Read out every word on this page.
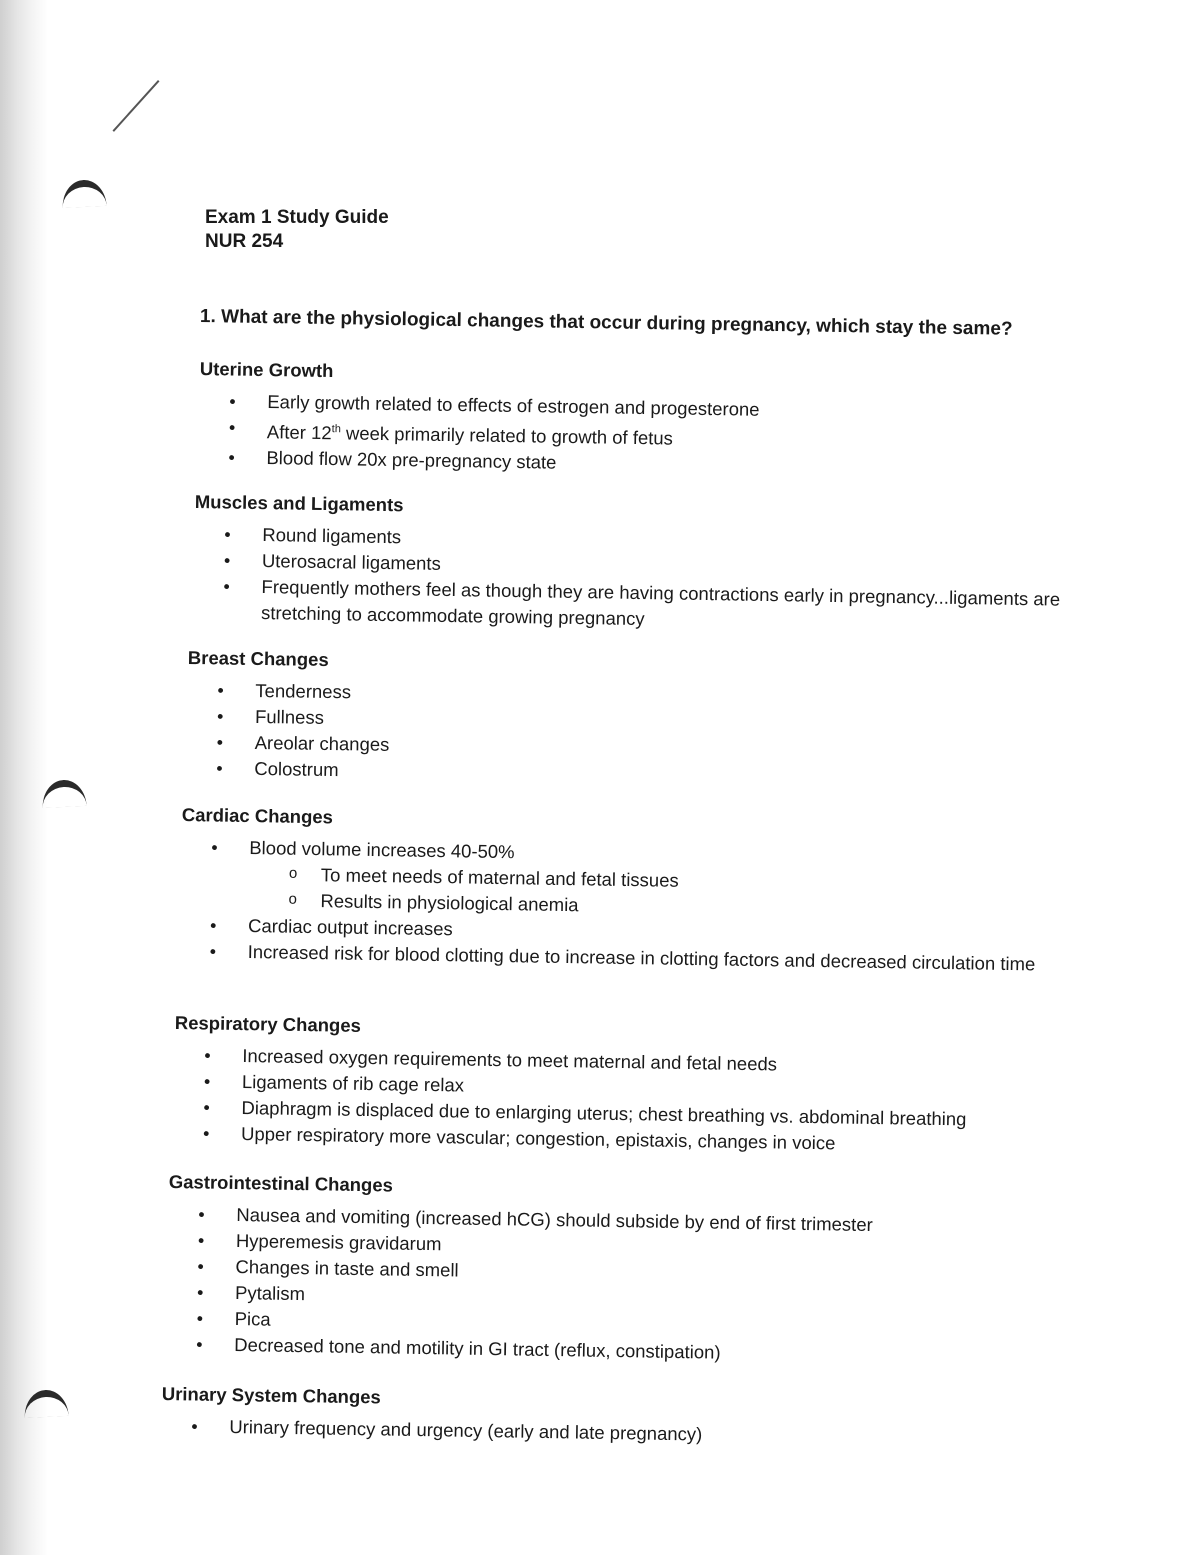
Exam 1 Study Guide
NUR 254
1. What are the physiological changes that occur during pregnancy, which stay the same?
Uterine Growth
• Early growth related to effects of estrogen and progesterone
• After 12th week primarily related to growth of fetus
• Blood flow 20x pre-pregnancy state
Muscles and Ligaments
• Round ligaments
• Uterosacral ligaments
• Frequently mothers feel as though they are having contractions early in pregnancy...ligaments are stretching to accommodate growing pregnancy
Breast Changes
• Tenderness
• Fullness
• Areolar changes
• Colostrum
Cardiac Changes
• Blood volume increases 40-50%
o To meet needs of maternal and fetal tissues
o Results in physiological anemia
• Cardiac output increases
• Increased risk for blood clotting due to increase in clotting factors and decreased circulation time
Respiratory Changes
• Increased oxygen requirements to meet maternal and fetal needs
• Ligaments of rib cage relax
• Diaphragm is displaced due to enlarging uterus; chest breathing vs. abdominal breathing
• Upper respiratory more vascular; congestion, epistaxis, changes in voice
Gastrointestinal Changes
• Nausea and vomiting (increased hCG) should subside by end of first trimester
• Hyperemesis gravidarum
• Changes in taste and smell
• Pytalism
• Pica
• Decreased tone and motility in GI tract (reflux, constipation)
Urinary System Changes
• Urinary frequency and urgency (early and late pregnancy)
